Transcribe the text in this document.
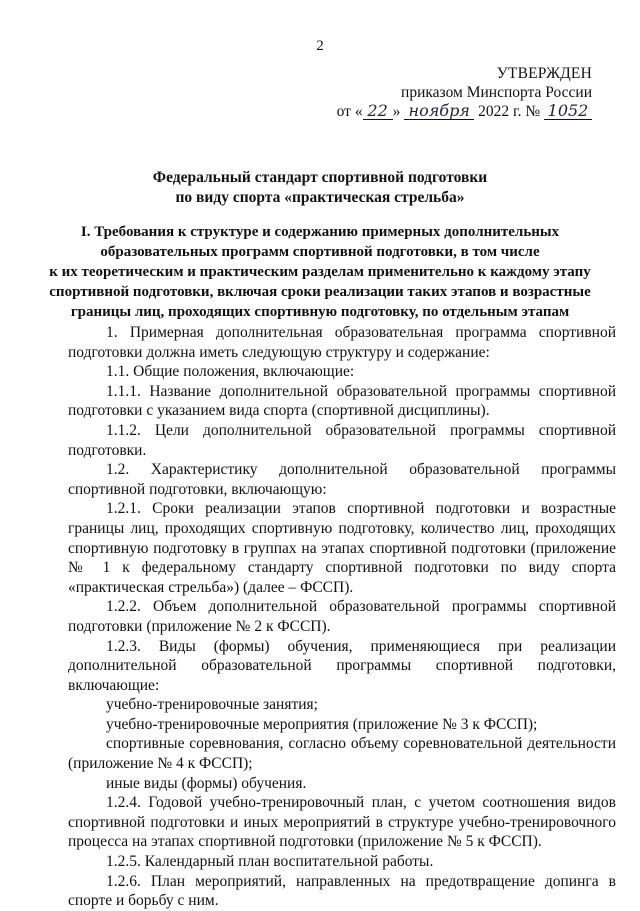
2
УТВЕРЖДЕН
приказом Минспорта России
от « 22 » ноября 2022 г. № 1052
Федеральный стандарт спортивной подготовки
по виду спорта «практическая стрельба»
I. Требования к структуре и содержанию примерных дополнительных
образовательных программ спортивной подготовки, в том числе
к их теоретическим и практическим разделам применительно к каждому этапу
спортивной подготовки, включая сроки реализации таких этапов и возрастные
границы лиц, проходящих спортивную подготовку, по отдельным этапам

1. Примерная дополнительная образовательная программа спортивной подготовки должна иметь следующую структуру и содержание:

1.1. Общие положения, включающие:

1.1.1. Название дополнительной образовательной программы спортивной подготовки с указанием вида спорта (спортивной дисциплины).

1.1.2. Цели дополнительной образовательной программы спортивной подготовки.

1.2. Характеристику дополнительной образовательной программы спортивной подготовки, включающую:

1.2.1. Сроки реализации этапов спортивной подготовки и возрастные границы лиц, проходящих спортивную подготовку, количество лиц, проходящих спортивную подготовку в группах на этапах спортивной подготовки (приложение № 1 к федеральному стандарту спортивной подготовки по виду спорта «практическая стрельба») (далее – ФССП).

1.2.2. Объем дополнительной образовательной программы спортивной подготовки (приложение № 2 к ФССП).

1.2.3. Виды (формы) обучения, применяющиеся при реализации дополнительной образовательной программы спортивной подготовки, включающие:

учебно-тренировочные занятия;

учебно-тренировочные мероприятия (приложение № 3 к ФССП);

спортивные соревнования, согласно объему соревновательной деятельности (приложение № 4 к ФССП);

иные виды (формы) обучения.

1.2.4. Годовой учебно-тренировочный план, с учетом соотношения видов спортивной подготовки и иных мероприятий в структуре учебно-тренировочного процесса на этапах спортивной подготовки (приложение № 5 к ФССП).

1.2.5. Календарный план воспитательной работы.

1.2.6. План мероприятий, направленных на предотвращение допинга в спорте и борьбу с ним.
